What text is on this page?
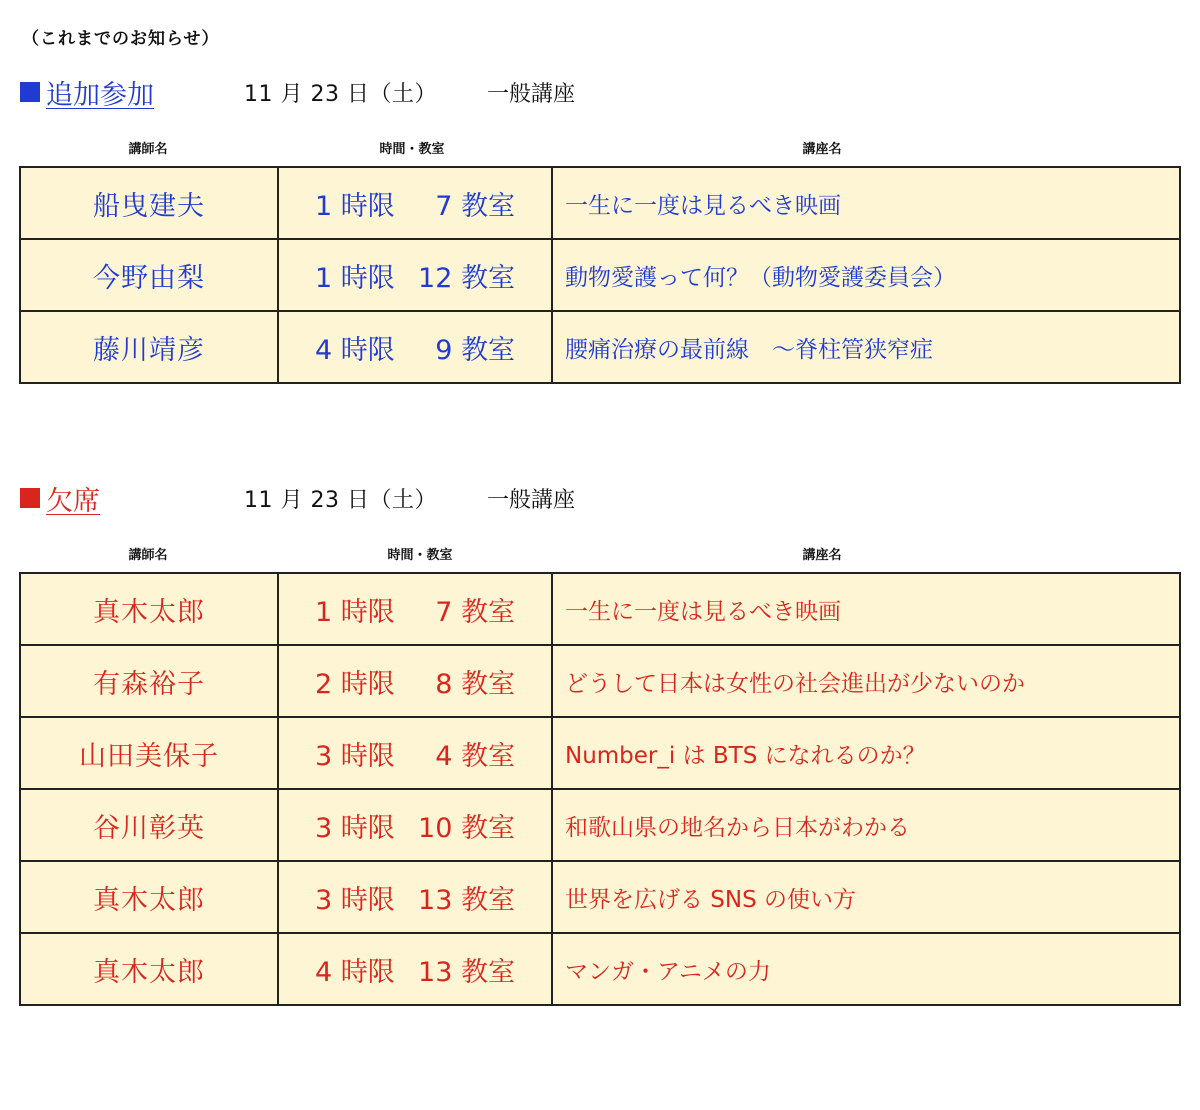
（これまでのお知らせ）
追加参加	11 月 23 日（土） 一般講座
講師名	時間・教室	講座名
船曳建夫	1 時限 7 教室	一生に一度は見るべき映画
今野由梨	1 時限 12 教室	動物愛護って何？（動物愛護委員会）
藤川靖彦	4 時限 9 教室	腰痛治療の最前線　～脊柱管狭窄症
欠席	11 月 23 日（土） 一般講座
講師名	時間・教室	講座名
真木太郎	1 時限 7 教室	一生に一度は見るべき映画
有森裕子	2 時限 8 教室	どうして日本は女性の社会進出が少ないのか
山田美保子	3 時限 4 教室	Number_i は BTS になれるのか？
谷川彰英	3 時限 10 教室	和歌山県の地名から日本がわかる
真木太郎	3 時限 13 教室	世界を広げる SNS の使い方
真木太郎	4 時限 13 教室	マンガ・アニメの力
